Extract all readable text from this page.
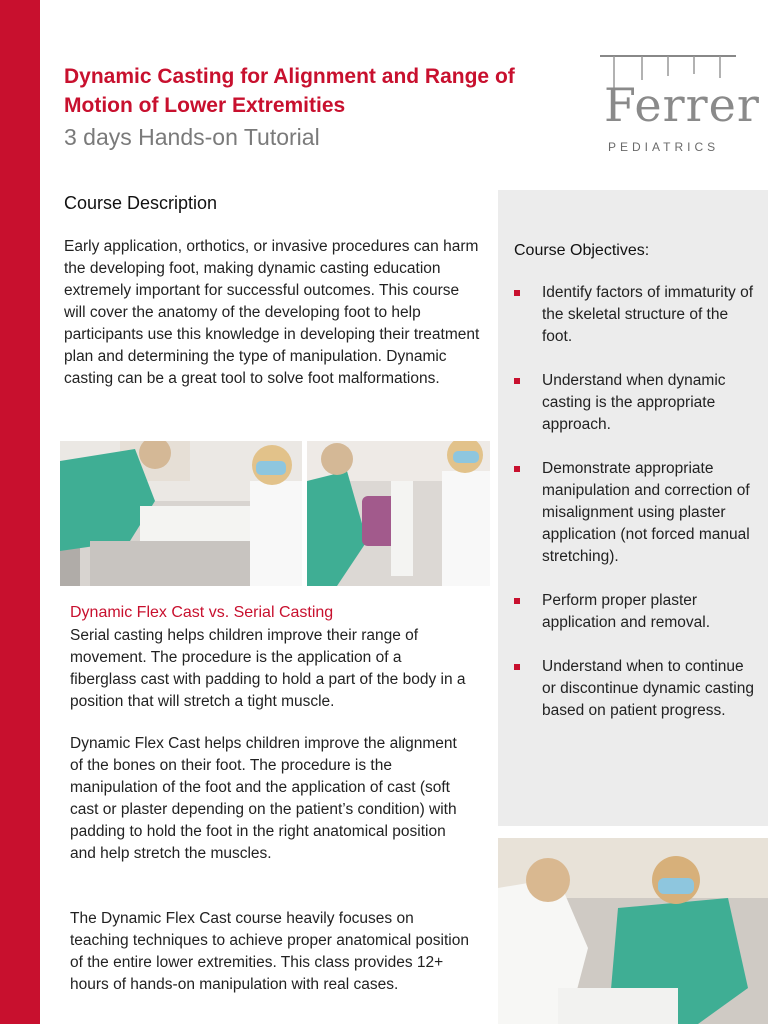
Dynamic Casting for Alignment and Range of Motion of Lower Extremities

3 days Hands-on Tutorial

Ferrer
PEDIATRICS
Course Description

Early application, orthotics, or invasive procedures can harm the developing foot, making dynamic casting education extremely important for successful outcomes. This course will cover the anatomy of the developing foot to help participants use this knowledge in developing their treatment plan and determining the type of manipulation. Dynamic casting can be a great tool to solve foot malformations.

Dynamic Flex Cast vs. Serial Casting

Serial casting helps children improve their range of movement. The procedure is the application of a fiberglass cast with padding to hold a part of the body in a position that will stretch a tight muscle.

Dynamic Flex Cast helps children improve the alignment of the bones on their foot. The procedure is the manipulation of the foot and the application of cast (soft cast or plaster depending on the patient’s condition) with padding to hold the foot in the right anatomical position and help stretch the muscles.

The Dynamic Flex Cast course heavily focuses on teaching techniques to achieve proper anatomical position of the entire lower extremities. This class provides 12+ hours of hands-on manipulation with real cases.

Course Objectives:
Identify factors of immaturity of the skeletal structure of the foot.
Understand when dynamic casting is the appropriate approach.
Demonstrate appropriate manipulation and correction of misalignment using plaster application (not forced manual stretching).
Perform proper plaster application and removal.
Understand when to continue or discontinue dynamic casting based on patient progress.
